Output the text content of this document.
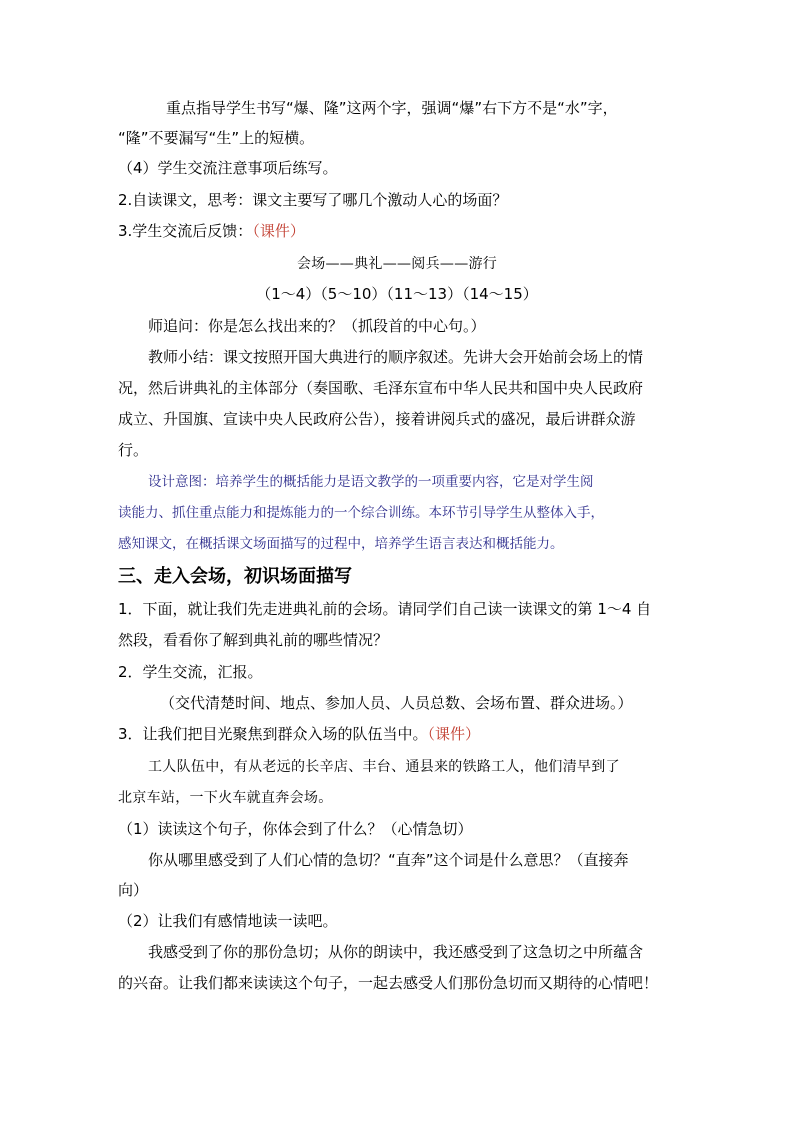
重点指导学生书写“爆、隆”这两个字，强调“爆”右下方不是“水”字，
“隆”不要漏写“生”上的短横。
（4）学生交流注意事项后练写。
2.自读课文，思考：课文主要写了哪几个激动人心的场面？
3.学生交流后反馈：（课件）
会场——典礼——阅兵——游行
（1～4）（5～10）（11～13）（14～15）
师追问：你是怎么找出来的？（抓段首的中心句。）
教师小结：课文按照开国大典进行的顺序叙述。先讲大会开始前会场上的情
况，然后讲典礼的主体部分（奏国歌、毛泽东宣布中华人民共和国中央人民政府
成立、升国旗、宣读中央人民政府公告），接着讲阅兵式的盛况，最后讲群众游
行。
设计意图：培养学生的概括能力是语文教学的一项重要内容，它是对学生阅
读能力、抓住重点能力和提炼能力的一个综合训练。本环节引导学生从整体入手，
感知课文，在概括课文场面描写的过程中，培养学生语言表达和概括能力。
三、走入会场，初识场面描写
1．下面，就让我们先走进典礼前的会场。请同学们自己读一读课文的第 1～4 自
然段，看看你了解到典礼前的哪些情况？
2．学生交流，汇报。
（交代清楚时间、地点、参加人员、人员总数、会场布置、群众进场。）
3．让我们把目光聚焦到群众入场的队伍当中。（课件）
工人队伍中，有从老远的长辛店、丰台、通县来的铁路工人，他们清早到了
北京车站，一下火车就直奔会场。
（1）读读这个句子，你体会到了什么？（心情急切）
你从哪里感受到了人们心情的急切？“直奔”这个词是什么意思？（直接奔
向）
（2）让我们有感情地读一读吧。
我感受到了你的那份急切；从你的朗读中，我还感受到了这急切之中所蕴含
的兴奋。让我们都来读读这个句子，一起去感受人们那份急切而又期待的心情吧！
